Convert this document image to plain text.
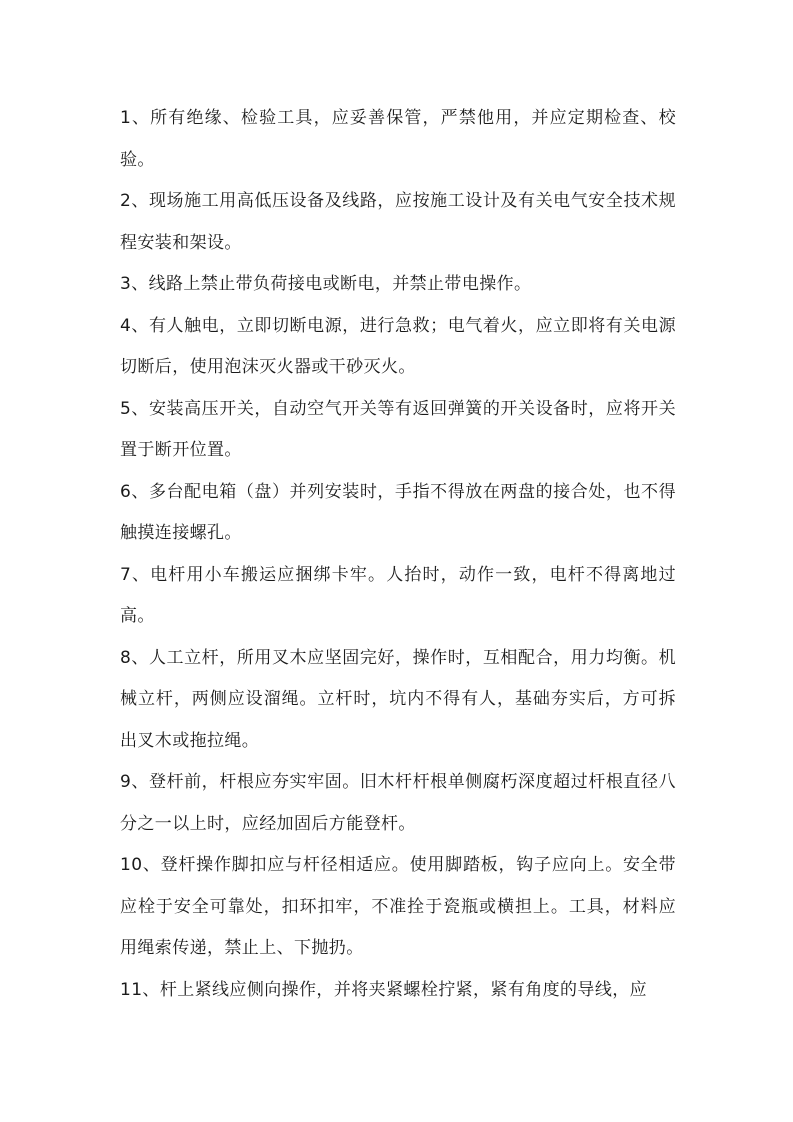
1、所有绝缘、检验工具，应妥善保管，严禁他用，并应定期检查、校验。

2、现场施工用高低压设备及线路，应按施工设计及有关电气安全技术规程安装和架设。

3、线路上禁止带负荷接电或断电，并禁止带电操作。

4、有人触电，立即切断电源，进行急救；电气着火，应立即将有关电源切断后，使用泡沫灭火器或干砂灭火。

5、安装高压开关，自动空气开关等有返回弹簧的开关设备时，应将开关置于断开位置。

6、多台配电箱（盘）并列安装时，手指不得放在两盘的接合处，也不得触摸连接螺孔。

7、电杆用小车搬运应捆绑卡牢。人抬时，动作一致，电杆不得离地过高。

8、人工立杆，所用叉木应坚固完好，操作时，互相配合，用力均衡。机械立杆，两侧应设溜绳。立杆时，坑内不得有人，基础夯实后，方可拆出叉木或拖拉绳。

9、登杆前，杆根应夯实牢固。旧木杆杆根单侧腐朽深度超过杆根直径八分之一以上时，应经加固后方能登杆。

10、登杆操作脚扣应与杆径相适应。使用脚踏板，钩子应向上。安全带应栓于安全可靠处，扣环扣牢，不准拴于瓷瓶或横担上。工具，材料应用绳索传递，禁止上、下抛扔。

11、杆上紧线应侧向操作，并将夹紧螺栓拧紧，紧有角度的导线，应
